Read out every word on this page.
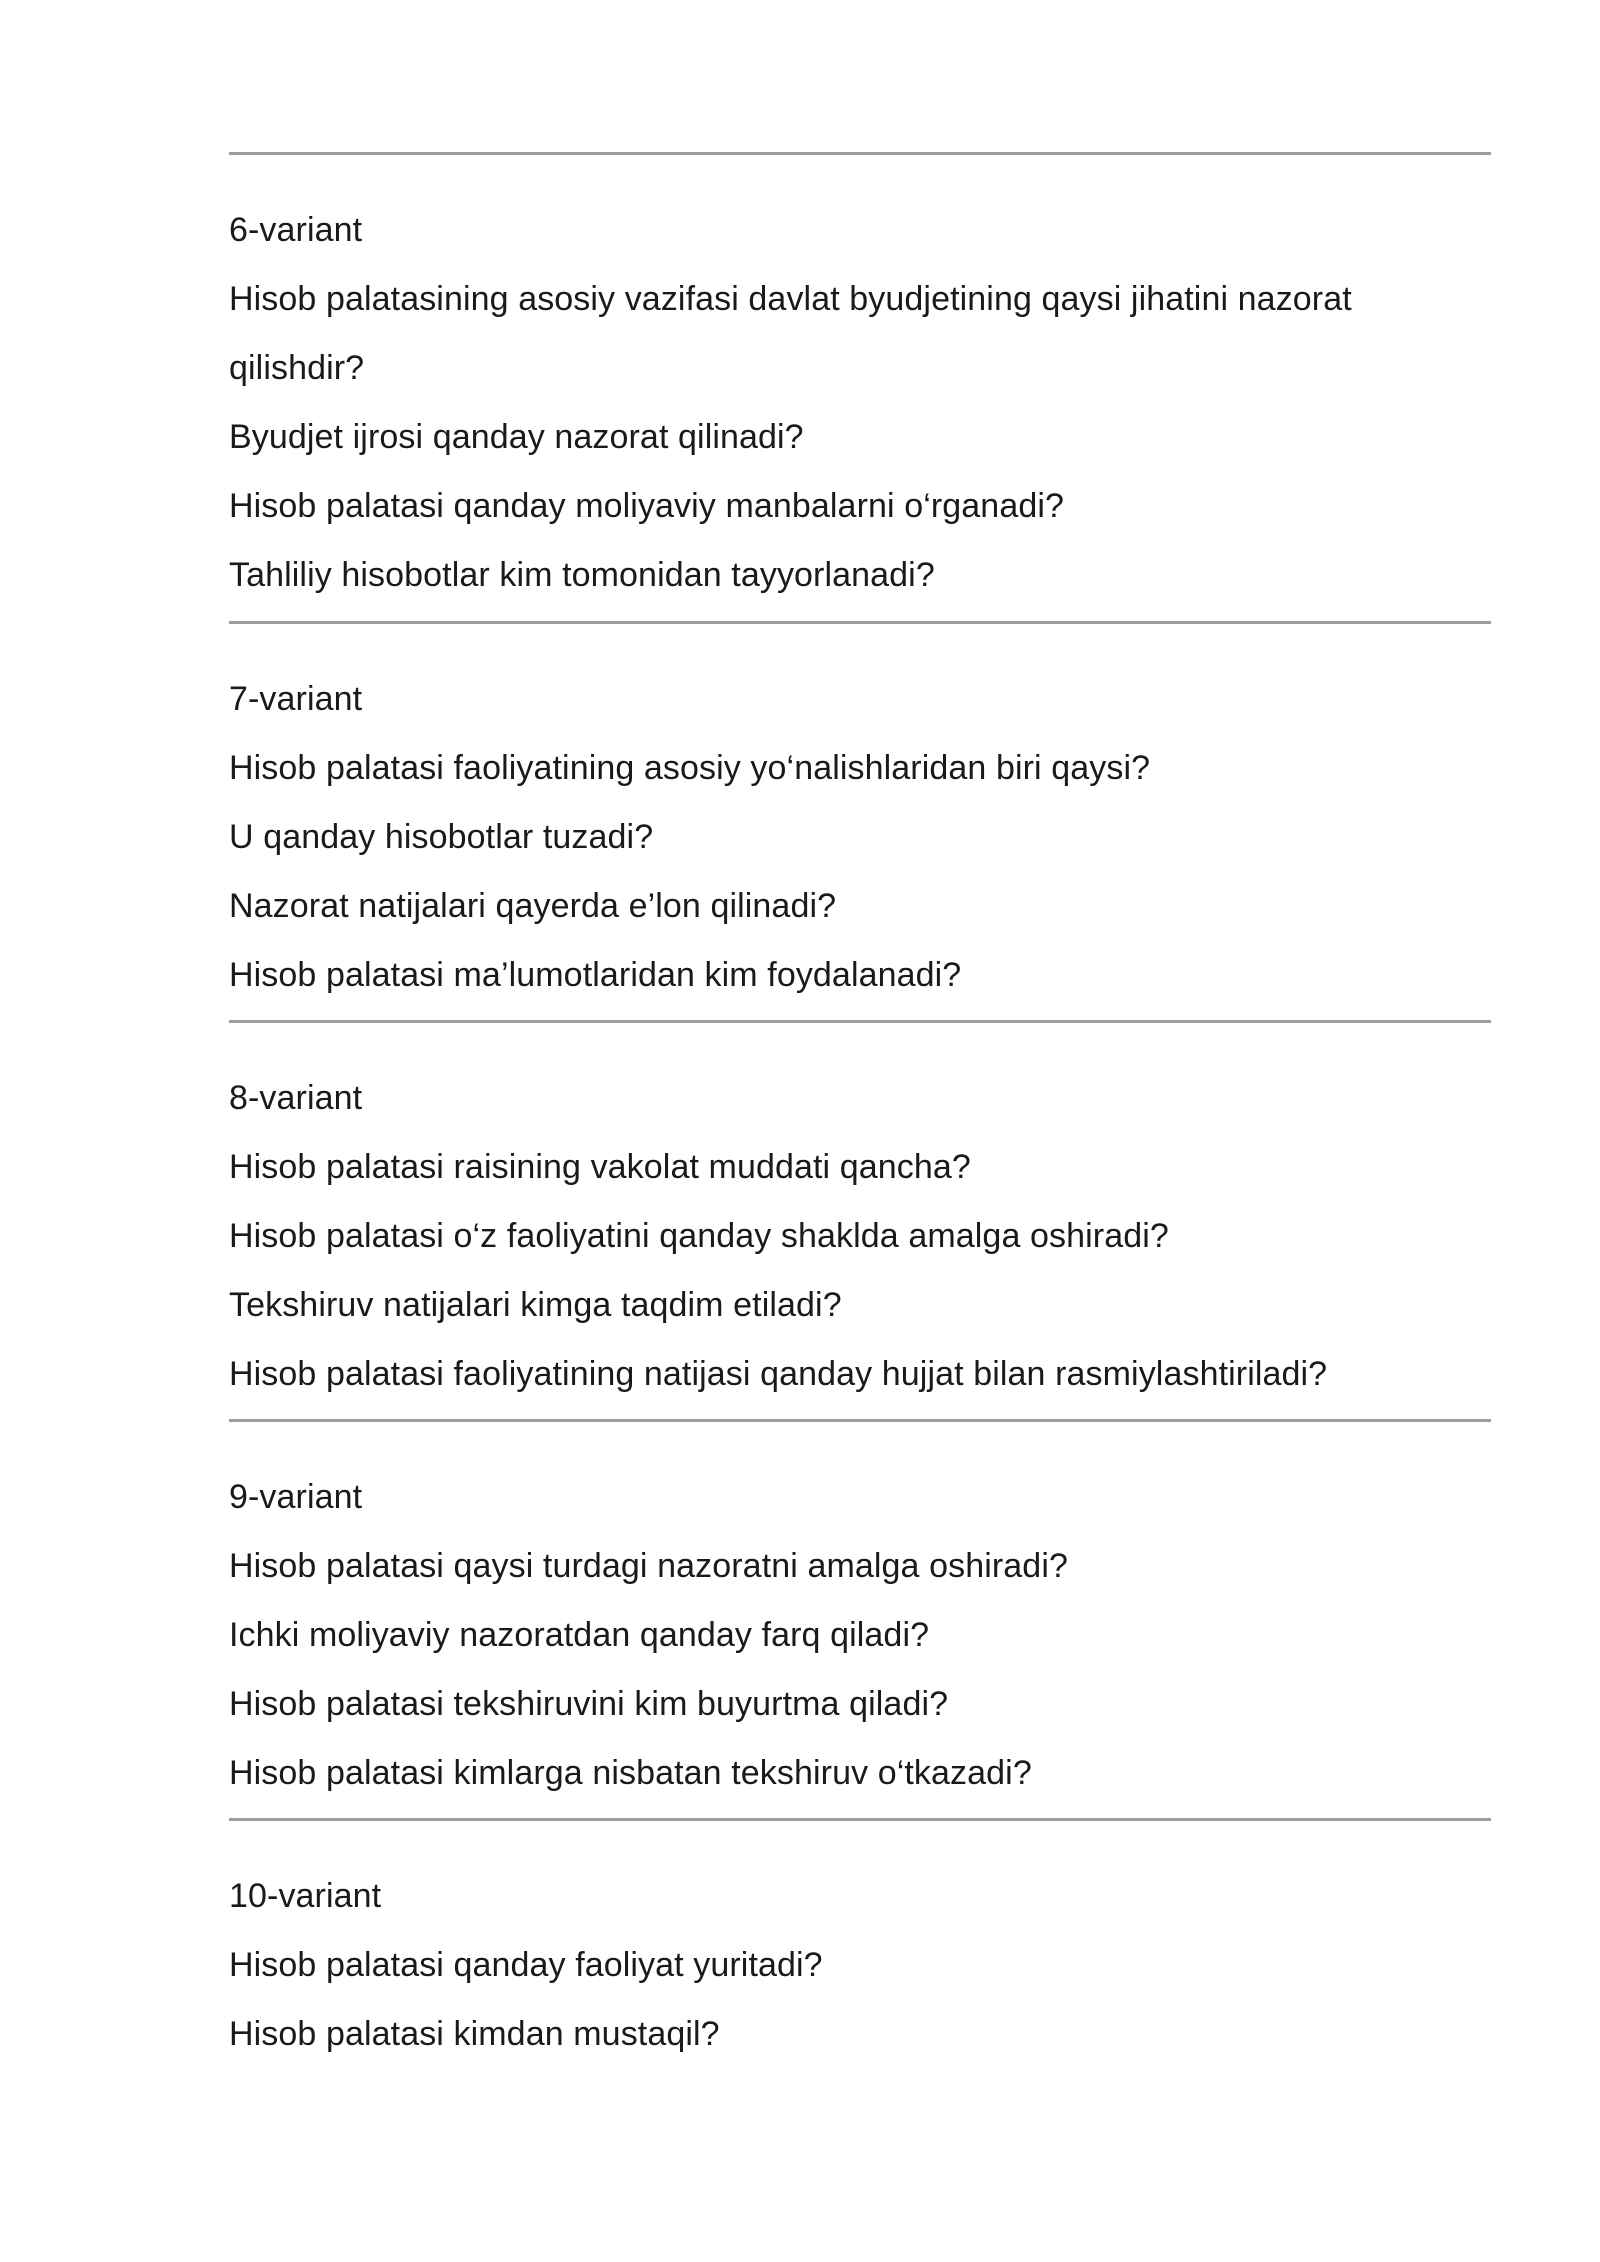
6-variant
Hisob palatasining asosiy vazifasi davlat byudjetining qaysi jihatini nazorat
qilishdir?
Byudjet ijrosi qanday nazorat qilinadi?
Hisob palatasi qanday moliyaviy manbalarni o‘rganadi?
Tahliliy hisobotlar kim tomonidan tayyorlanadi?
7-variant
Hisob palatasi faoliyatining asosiy yo‘nalishlaridan biri qaysi?
U qanday hisobotlar tuzadi?
Nazorat natijalari qayerda e’lon qilinadi?
Hisob palatasi ma’lumotlaridan kim foydalanadi?
8-variant
Hisob palatasi raisining vakolat muddati qancha?
Hisob palatasi o‘z faoliyatini qanday shaklda amalga oshiradi?
Tekshiruv natijalari kimga taqdim etiladi?
Hisob palatasi faoliyatining natijasi qanday hujjat bilan rasmiylashtiriladi?
9-variant
Hisob palatasi qaysi turdagi nazoratni amalga oshiradi?
Ichki moliyaviy nazoratdan qanday farq qiladi?
Hisob palatasi tekshiruvini kim buyurtma qiladi?
Hisob palatasi kimlarga nisbatan tekshiruv o‘tkazadi?
10-variant
Hisob palatasi qanday faoliyat yuritadi?
Hisob palatasi kimdan mustaqil?
